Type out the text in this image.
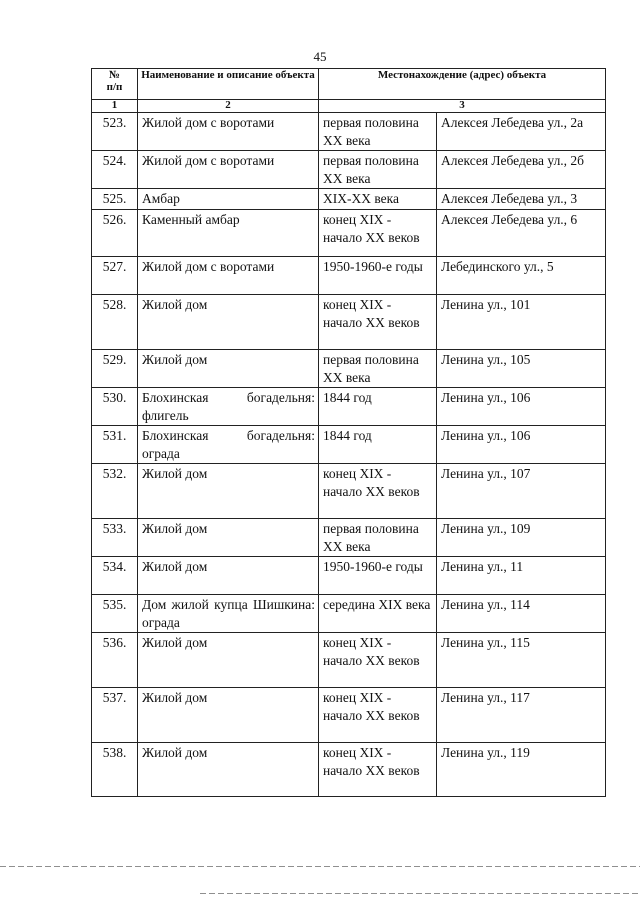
45
№
п/п	Наименование и описание объекта	Местонахождение (адрес) объекта	
1	2	3	
523.	Жилой дом с воротами	первая половина XX века	Алексея Лебедева ул., 2а
524.	Жилой дом с воротами	первая половина XX века	Алексея Лебедева ул., 2б
525.	Амбар	XIX-XX века	Алексея Лебедева ул., 3
526.	Каменный амбар	конец XIX - начало XX веков	Алексея Лебедева ул., 6
527.	Жилой дом с воротами	1950-1960-е годы	Лебединского ул., 5
528.	Жилой дом	конец XIX - начало XX веков	Ленина ул., 101
529.	Жилой дом	первая половина XX века	Ленина ул., 105
530.	Блохинская богадельня: флигель	1844 год	Ленина ул., 106
531.	Блохинская богадельня: ограда	1844 год	Ленина ул., 106
532.	Жилой дом	конец XIX - начало XX веков	Ленина ул., 107
533.	Жилой дом	первая половина XX века	Ленина ул., 109
534.	Жилой дом	1950-1960-е годы	Ленина ул., 11
535.	Дом жилой купца Шишкина: ограда	середина XIX века	Ленина ул., 114
536.	Жилой дом	конец XIX - начало XX веков	Ленина ул., 115
537.	Жилой дом	конец XIX - начало XX веков	Ленина ул., 117
538.	Жилой дом	конец XIX - начало XX веков	Ленина ул., 119
